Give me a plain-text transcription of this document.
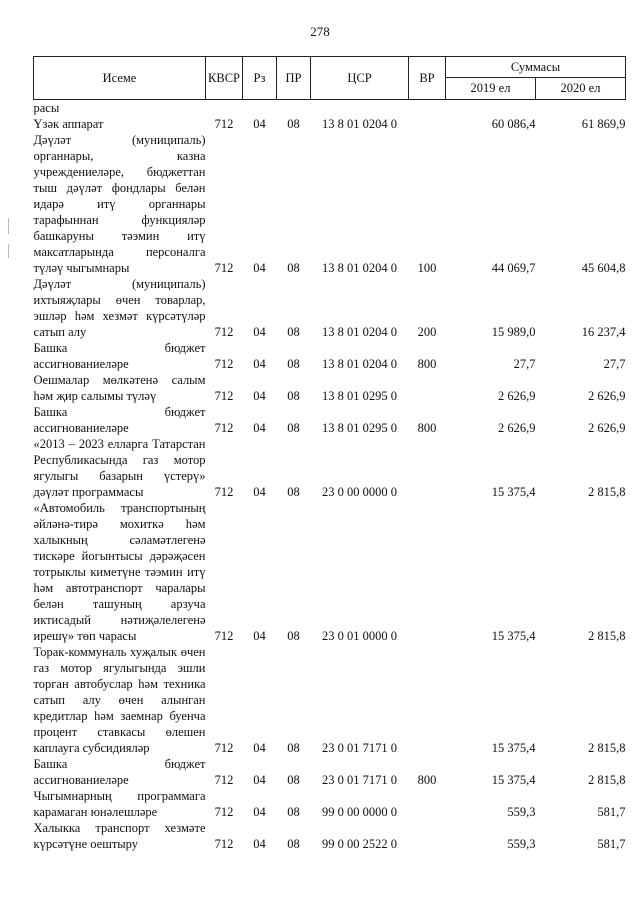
278
Исеме	КВСР	Рз	ПР	ЦСР	ВР	Суммасы	
						2019 ел	2020 ел
расы							
Үзәк аппарат	712	04	08	13 8 01 0204 0		60 086,4	61 869,9
Дәүләт (муниципаль) органнары, казна учреждениеләре, бюджеттан тыш дәүләт фондлары белән идарә итү органнары тарафыннан функцияләр башкаруны тәэмин итү максатларында персоналга түләү чыгымнары	712	04	08	13 8 01 0204 0	100	44 069,7	45 604,8
Дәүләт (муниципаль) ихтыяҗлары өчен товарлар, эшләр һәм хезмәт күрсәтүләр сатып алу	712	04	08	13 8 01 0204 0	200	15 989,0	16 237,4
Башка бюджет ассигнованиеләре	712	04	08	13 8 01 0204 0	800	27,7	27,7
Оешмалар мөлкәтенә салым һәм җир салымы түләү	712	04	08	13 8 01 0295 0		2 626,9	2 626,9
Башка бюджет ассигнованиеләре	712	04	08	13 8 01 0295 0	800	2 626,9	2 626,9
«2013 – 2023 елларга Татарстан Республикасында газ мотор ягулыгы базарын үстерү» дәүләт программасы	712	04	08	23 0 00 0000 0		15 375,4	2 815,8
«Автомобиль транспортының әйләнә-тирә мохиткә һәм халыкның сәламәтлегенә тискәре йогынтысы дәрәҗәсен тотрыклы киметүне тәэмин итү һәм автотранспорт чаралары белән ташуның арзуча иктисадый нәтиҗәлелегенә ирешү» төп чарасы	712	04	08	23 0 01 0000 0		15 375,4	2 815,8
Торак-коммуналь хуҗалык өчен газ мотор ягулыгында эшли торган автобуслар һәм техника сатып алу өчен алынган кредитлар һәм заемнар буенча процент ставкасы өлешен каплауга субсидияләр	712	04	08	23 0 01 7171 0		15 375,4	2 815,8
Башка бюджет ассигнованиеләре	712	04	08	23 0 01 7171 0	800	15 375,4	2 815,8
Чыгымнарның программага карамаган юнәлешләре	712	04	08	99 0 00 0000 0		559,3	581,7
Халыкка транспорт хезмәте күрсәтүне оештыру	712	04	08	99 0 00 2522 0		559,3	581,7
